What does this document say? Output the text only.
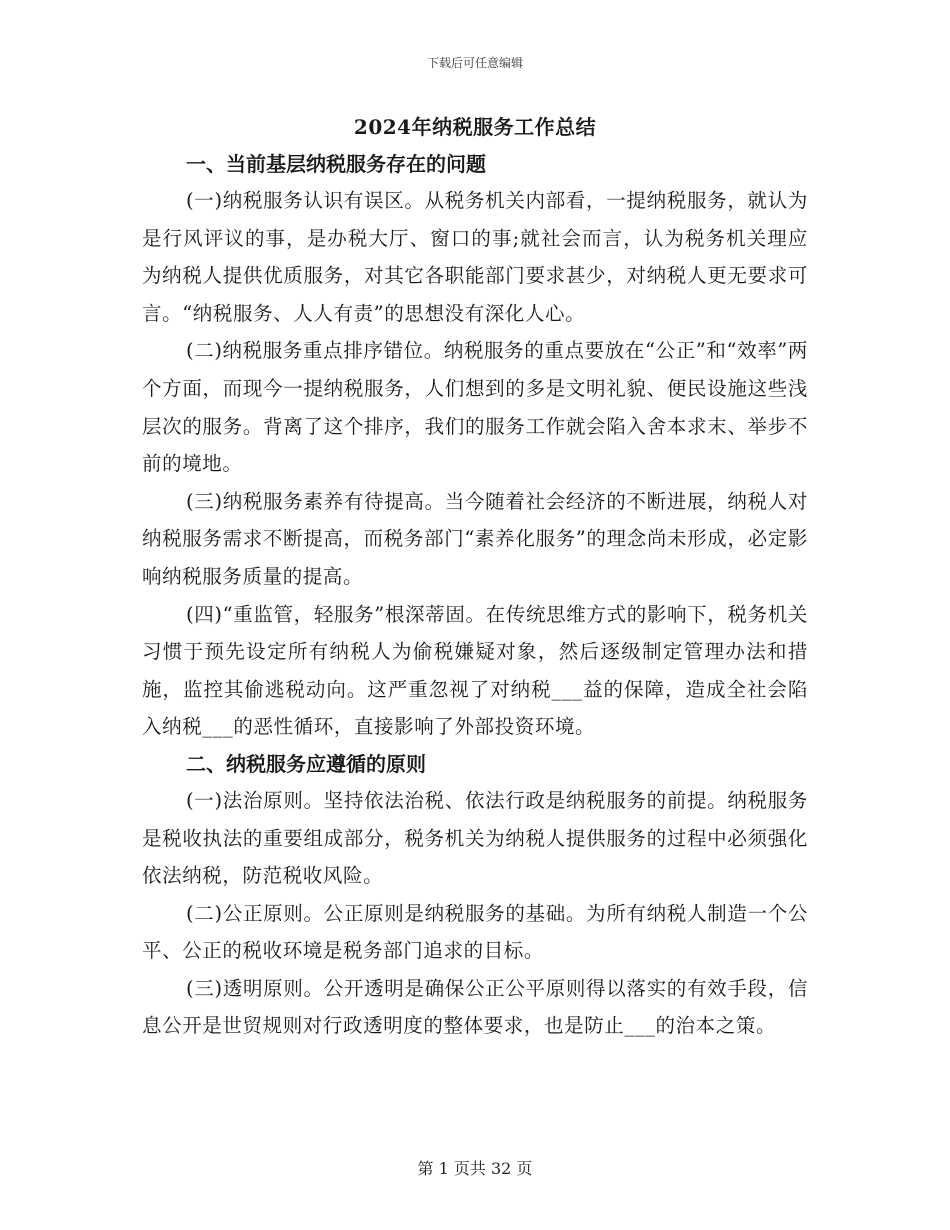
下载后可任意编辑
2024年纳税服务工作总结
一、当前基层纳税服务存在的问题

(一)纳税服务认识有误区。从税务机关内部看，一提纳税服务，就认为是行风评议的事，是办税大厅、窗口的事;就社会而言，认为税务机关理应为纳税人提供优质服务，对其它各职能部门要求甚少，对纳税人更无要求可言。“纳税服务、人人有责”的思想没有深化人心。

(二)纳税服务重点排序错位。纳税服务的重点要放在“公正”和“效率”两个方面，而现今一提纳税服务，人们想到的多是文明礼貌、便民设施这些浅层次的服务。背离了这个排序，我们的服务工作就会陷入舍本求末、举步不前的境地。

(三)纳税服务素养有待提高。当今随着社会经济的不断进展，纳税人对纳税服务需求不断提高，而税务部门“素养化服务”的理念尚未形成，必定影响纳税服务质量的提高。

(四)“重监管，轻服务”根深蒂固。在传统思维方式的影响下，税务机关习惯于预先设定所有纳税人为偷税嫌疑对象，然后逐级制定管理办法和措施，监控其偷逃税动向。这严重忽视了对纳税___益的保障，造成全社会陷入纳税___的恶性循环，直接影响了外部投资环境。

二、纳税服务应遵循的原则

(一)法治原则。坚持依法治税、依法行政是纳税服务的前提。纳税服务是税收执法的重要组成部分，税务机关为纳税人提供服务的过程中必须强化依法纳税，防范税收风险。

(二)公正原则。公正原则是纳税服务的基础。为所有纳税人制造一个公平、公正的税收环境是税务部门追求的目标。

(三)透明原则。公开透明是确保公正公平原则得以落实的有效手段，信息公开是世贸规则对行政透明度的整体要求，也是防止___的治本之策。

第 1 页共 32 页
